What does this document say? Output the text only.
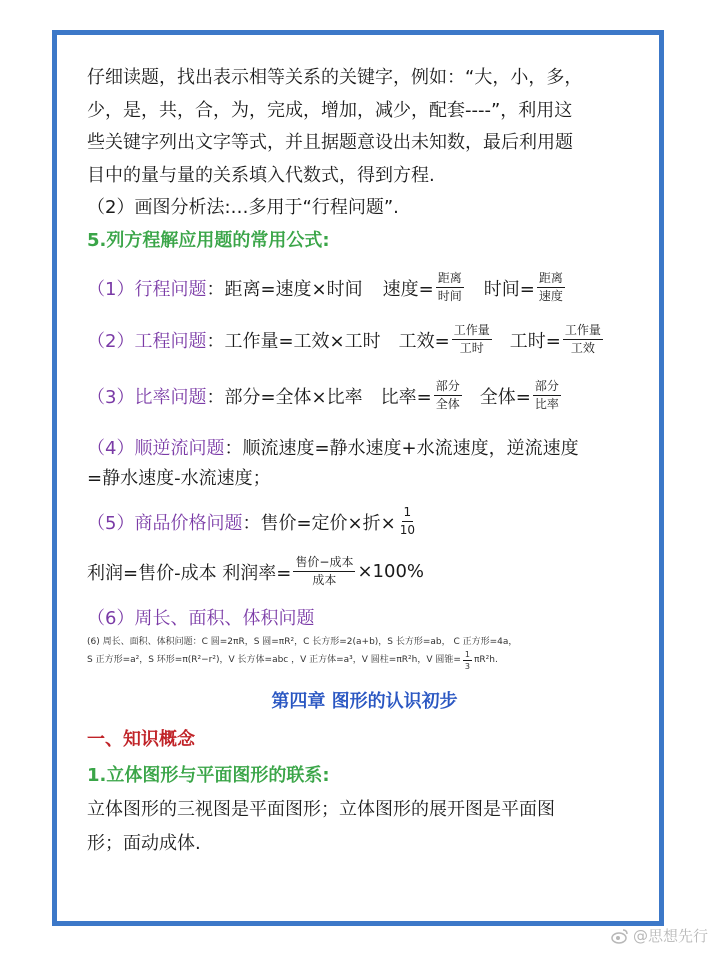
仔细读题，找出表示相等关系的关键字，例如：“大，小，多，

少，是，共，合，为，完成，增加，减少，配套----”，利用这

些关键字列出文字等式，并且据题意设出未知数，最后利用题

目中的量与量的关系填入代数式，得到方程.

（2）画图分析法:…多用于“行程问题”.

5.列方程解应用题的常用公式:

（1）行程问题 ：距离=速度×时间 速度= $\frac{\text{距离}}{\text{时间}}$ 时间= $\frac{\text{距离}}{\text{速度}}$
（2）工程问题 ：工作量=工效×工时 工效= $\frac{\text{工作量}}{\text{工时}}$ 工时= $\frac{\text{工作量}}{\text{工效}}$
（3）比率问题 ：部分=全体×比率 比率= $\frac{\text{部分}}{\text{全体}}$ 全体= $\frac{\text{部分}}{\text{比率}}$
（4）顺逆流问题 ：顺流速度=静水速度+水流速度，逆流速度
=静水速度-水流速度；
（5）商品价格问题 ：售价=定价×折× $\frac{1}{10}$
利润=售价-成本 利润率= $\frac{\text{售价−成本}}{\text{成本}} \times 100\%$
（6）周长、面积、体积问题
(6) 周长、面积、体积问题：C 圆=2πR，S 圆=πR²，C 长方形=2(a+b)，S 长方形=ab， C 正方形=4a，
S 正方形=a²，S 环形=π(R²−r²)，V 长方体=abc ，V 正方体=a³，V 圆柱=πR²h，V 圆锥= $\frac{1}{3} \pi R^2h$.
第四章 图形的认识初步

一、知识概念

1.立体图形与平面图形的联系:

立体图形的三视图是平面图形；立体图形的展开图是平面图

形；面动成体.

@思想先行
